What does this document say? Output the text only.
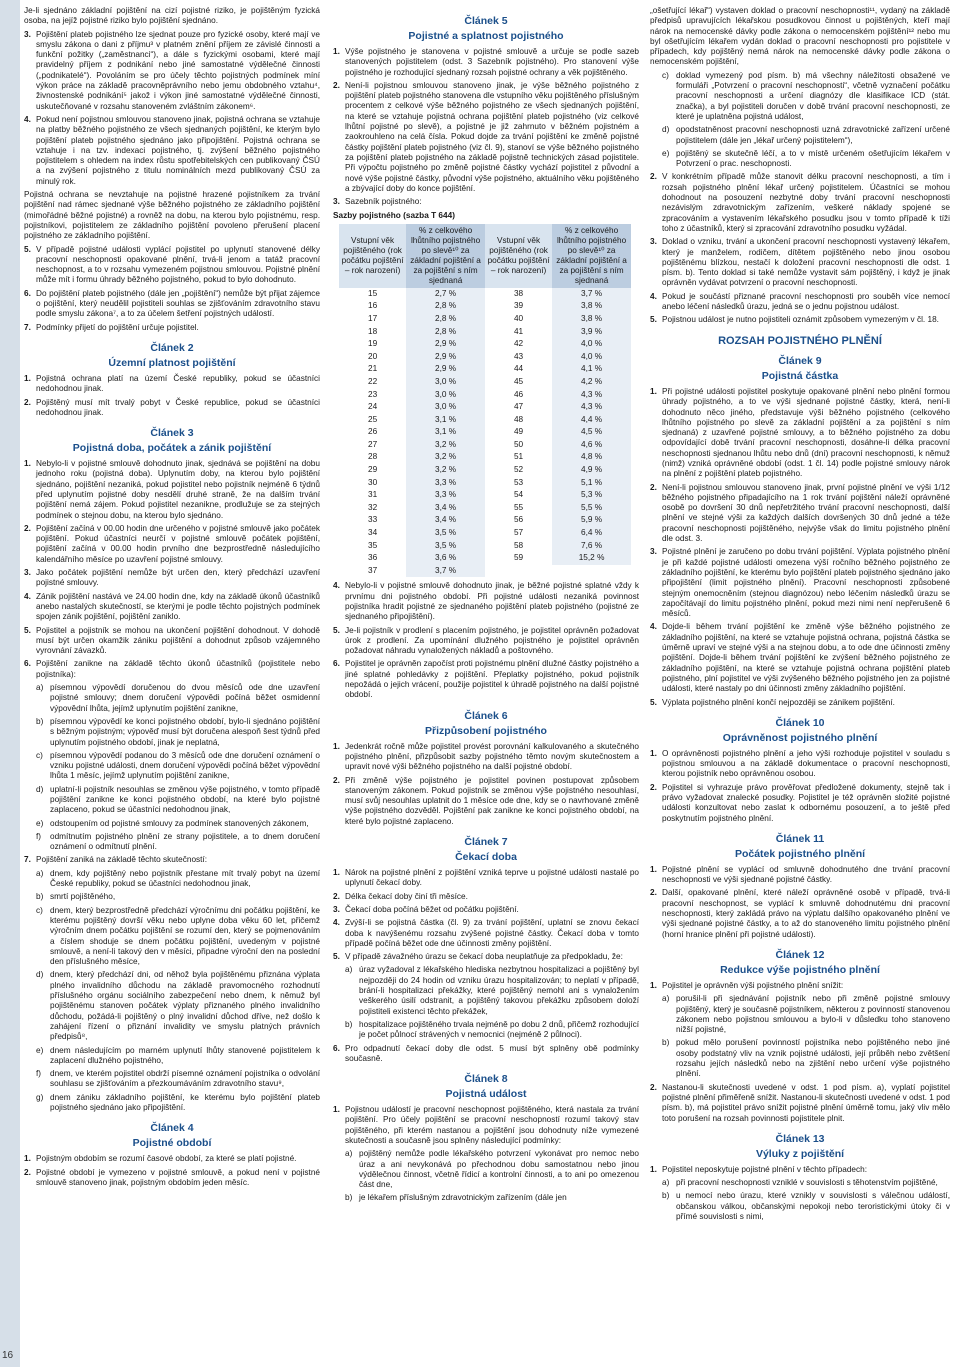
16

Je-li sjednáno základní pojištění na cizí pojistné riziko, je pojištěným fyzická osoba, na jejíž pojistné riziko bylo pojištění sjednáno.

3. Pojištění plateb pojistného lze sjednat pouze pro fyzické osoby, které mají ve smyslu zákona o dani z příjmu³ v platném znění příjem ze závislé činnosti a funkční požitky („zaměstnanci“), a dále s fyzickými osobami, které mají pravidelný příjem z podnikání nebo jiné samostatné výdělečné činnosti („podnikatelé“). Povoláním se pro účely těchto pojistných podmínek míní výkon práce na základě pracovněprávního nebo jemu obdobného vztahu⁴, živnostenské podnikání⁵ jakož i výkon jiné samostatné výdělečné činnosti, uskutečňované v rozsahu stanoveném zvláštním zákonem⁶.

4. Pokud není pojistnou smlouvou stanoveno jinak, pojistná ochrana se vztahuje na platby běžného pojistného ze všech sjednaných pojištění, ke kterým bylo pojištění plateb pojistného sjednáno jako připojištění. Pojistná ochrana se vztahuje i na tzv. indexaci pojistného, tj. zvýšení běžného pojistného pojistitelem s ohledem na index růstu spotřebitelských cen publikovaný ČSÚ a na zvýšení pojistného z titulu nominálních mezd publikovaný ČSÚ za minulý rok.

Pojistná ochrana se nevztahuje na pojistné hrazené pojistníkem za trvání pojištění nad rámec sjednané výše běžného pojistného ze základního pojištění (mimořádné běžné pojistné) a rovněž na dobu, na kterou bylo pojistnému, resp. pojistníkovi, pojistitelem ze základního pojištění povoleno přerušení placení pojistného ze základního pojištění.

5. V případě pojistné události vyplácí pojistitel po uplynutí stanovené délky pracovní neschopnosti opakované plnění, trvá-li jenom a tatáž pracovní neschopnost, a to v rozsahu vymezeném pojistnou smlouvou. Pojistné plnění může mít i formu úhrady běžného pojistného, pokud to bylo dohodnuto.

6. Do pojištění plateb pojistného (dále jen „pojištění“) nemůže být přijat zájemce o pojištění, který neudělil pojistiteli souhlas se zjišťováním zdravotního stavu podle smyslu zákona⁷, a to za účelem šetření pojistných událostí.

7. Podmínky přijetí do pojištění určuje pojistitel.

Článek 2

Územní platnost pojištění

1. Pojistná ochrana platí na území České republiky, pokud se účastníci nedohodnou jinak.

2. Pojištěný musí mít trvalý pobyt v České republice, pokud se účastníci nedohodnou jinak.

Článek 3

Pojistná doba, počátek a zánik pojištění

1. Nebylo-li v pojistné smlouvě dohodnuto jinak, sjednává se pojištění na dobu jednoho roku (pojistná doba). Uplynutím doby, na kterou bylo pojištění sjednáno, pojištění nezaniká, pokud pojistitel nebo pojistník nejméně 6 týdnů před uplynutím pojistné doby nesdělí druhé straně, že na dalším trvání pojištění nemá zájem. Pokud pojistitel nezanikne, prodlužuje se za stejných podmínek o stejnou dobu, na kterou bylo sjednáno.

2. Pojištění začíná v 00.00 hodin dne určeného v pojistné smlouvě jako počátek pojištění. Pokud účastníci neurčí v pojistné smlouvě počátek pojištění, pojištění začíná v 00.00 hodin prvního dne bezprostředně následujícího kalendářního měsíce po uzavření pojistné smlouvy.

3. Jako počátek pojištění nemůže být určen den, který předchází uzavření pojistné smlouvy.

4. Zánik pojištění nastává ve 24.00 hodin dne, kdy na základě úkonů účastníků anebo nastalých skutečností, se kterými je podle těchto pojistných podmínek spojen zánik pojištění, pojištění zaniklo.

5. Pojistitel a pojistník se mohou na ukončení pojištění dohodnout. V dohodě musí být určen okamžik zániku pojištění a dohodnut způsob vzájemného vyrovnání závazků.

6. Pojištění zanikne na základě těchto úkonů účastníků (pojistitele nebo pojistníka):

a) písemnou výpovědí doručenou do dvou měsíců ode dne uzavření pojistné smlouvy; dnem doručení výpovědi počíná běžet osmidenní výpovědní lhůta, jejímž uplynutím pojištění zanikne,

b) písemnou výpovědí ke konci pojistného období, bylo-li sjednáno pojištění s běžným pojistným; výpověď musí být doručena alespoň šest týdnů před uplynutím pojistného období, jinak je neplatná,

c) písemnou výpovědí podanou do 3 měsíců ode dne doručení oznámení o vzniku pojistné události, dnem doručení výpovědi počíná běžet výpovědní lhůta 1 měsíc, jejímž uplynutím pojištění zanikne,

d) uplatní-li pojistník nesouhlas se změnou výše pojistného, v tomto případě pojištění zanikne ke konci pojistného období, na které bylo pojistné zaplaceno, pokud se účastníci nedohodnou jinak,

e) odstoupením od pojistné smlouvy za podmínek stanovených zákonem,

f) odmítnutím pojistného plnění ze strany pojistitele, a to dnem doručení oznámení o odmítnutí plnění.

7. Pojištění zaniká na základě těchto skutečností:

a) dnem, kdy pojištěný nebo pojistník přestane mít trvalý pobyt na území České republiky, pokud se účastníci nedohodnou jinak,

b) smrtí pojištěného,

c) dnem, který bezprostředně předchází výročnímu dni počátku pojištění, ke kterému pojištěný dovrší věku nebo uplyne doba věku 60 let, přičemž výročním dnem počátku pojištění se rozumí den, který se pojmenováním a číslem shoduje se dnem počátku pojištění, uvedeným v pojistné smlouvě, a není-li takový den v měsíci, připadne výroční den na poslední den příslušného měsíce,

d) dnem, který předchází dni, od něhož byla pojištěnému přiznána výplata plného invalidního důchodu na základě pravomocného rozhodnutí příslušného orgánu sociálního zabezpečení nebo dnem, k němuž byl pojištěnému stanoven počátek výplaty přiznaného plného invalidního důchodu, požádá-li pojištěný o plný invalidní důchod dříve, než došlo k zahájení řízení o přiznání invalidity ve smyslu platných právních předpisů⁸,

e) dnem následujícím po marném uplynutí lhůty stanovené pojistitelem k zaplacení dlužného pojistného,

f) dnem, ve kterém pojistitel obdrží písemné oznámení pojistníka o odvolání souhlasu se zjišťováním a přezkoumáváním zdravotního stavu⁹,

g) dnem zániku základního pojištění, ke kterému bylo pojištění plateb pojistného sjednáno jako připojištění.

Článek 4

Pojistné období

1. Pojistným obdobím se rozumí časové období, za které se platí pojistné.

2. Pojistné období je vymezeno v pojistné smlouvě, a pokud není v pojistné smlouvě stanoveno jinak, pojistným obdobím jeden měsíc.

Článek 5

Pojistné a splatnost pojistného

1. Výše pojistného je stanovena v pojistné smlouvě a určuje se podle sazeb stanovených pojistitelem (odst. 3 Sazebník pojistného). Pro stanovení výše pojistného je rozhodující sjednaný rozsah pojistné ochrany a věk pojištěného.

2. Není-li pojistnou smlouvou stanoveno jinak, je výše běžného pojistného z pojištění plateb pojistného stanovena dle vstupního věku pojištěného příslušným procentem z celkové výše běžného pojistného ze všech sjednaných pojištění, na které se vztahuje pojistná ochrana pojištění plateb pojistného (viz celkové lhůtní pojistné po slevě), a pojistné je již zahrnuto v běžném pojistném a zaokrouhleno na celá čísla. Pokud dojde za trvání pojištění ke změně pojistné částky pojištění plateb pojistného (viz čl. 9), stanoví se výše běžného pojistného za pojištění plateb pojistného na základě pojistně technických zásad pojistitele. Při výpočtu pojistného po změně pojistné částky vychází pojistitel z původní a nové výše pojistné částky, původní výše pojistného, aktuálního věku pojištěného a zbývající doby do konce pojištění.

3. Sazebník pojistného:

Sazby pojistného (sazba T 644)

Vstupní věk pojištěného (rok počátku pojištění – rok narození)	% z celkového lhůtního pojistného po slevě¹⁰ za základní pojištění a za pojištění s ním sjednaná	Vstupní věk pojištěného (rok počátku pojištění – rok narození)	% z celkového lhůtního pojistného po slevě¹⁰ za základní pojištění a za pojištění s ním sjednaná
15	2,7 %	38	3,7 %
16	2,8 %	39	3,8 %
17	2,8 %	40	3,8 %
18	2,8 %	41	3,9 %
19	2,9 %	42	4,0 %
20	2,9 %	43	4,0 %
21	2,9 %	44	4,1 %
22	3,0 %	45	4,2 %
23	3,0 %	46	4,3 %
24	3,0 %	47	4,3 %
25	3,1 %	48	4,4 %
26	3,1 %	49	4,5 %
27	3,2 %	50	4,6 %
28	3,2 %	51	4,8 %
29	3,2 %	52	4,9 %
30	3,3 %	53	5,1 %
31	3,3 %	54	5,3 %
32	3,4 %	55	5,5 %
33	3,4 %	56	5,9 %
34	3,5 %	57	6,4 %
35	3,5 %	58	7,6 %
36	3,6 %	59	15,2 %
37	3,7 %		

4. Nebylo-li v pojistné smlouvě dohodnuto jinak, je běžné pojistné splatné vždy k prvnímu dni pojistného období. Při pojistné události nezaniká povinnost pojistníka hradit pojistné ze sjednaného pojištění plateb pojistného (pojistné ze sjednaného připojištění).

5. Je-li pojistník v prodlení s placením pojistného, je pojistitel oprávněn požadovat úrok z prodlení. Za upomínání dlužného pojistného je pojistitel oprávněn požadovat náhradu vynaložených nákladů a poštovného.

6. Pojistitel je oprávněn započíst proti pojistnému plnění dlužné částky pojistného a jiné splatné pohledávky z pojištění. Přeplatky pojistného, pokud pojistník nepožádá o jejich vrácení, použije pojistitel k úhradě pojistného na další pojistné období.

Článek 6

Přizpůsobení pojistného

1. Jedenkrát ročně může pojistitel provést porovnání kalkulovaného a skutečného pojistného plnění, přizpůsobit sazby pojistného těmto novým skutečnostem a upravit nové výši běžného pojistného na další pojistné období.

2. Při změně výše pojistného je pojistitel povinen postupovat způsobem stanoveným zákonem. Pokud pojistník se změnou výše pojistného nesouhlasí, musí svůj nesouhlas uplatnit do 1 měsíce ode dne, kdy se o navrhované změně výše pojistného dozvěděl. Pojištění pak zanikne ke konci pojistného období, na které bylo pojistné zaplaceno.

Článek 7

Čekací doba

1. Nárok na pojistné plnění z pojištění vzniká teprve u pojistné události nastalé po uplynutí čekací doby.

2. Délka čekací doby činí tři měsíce.

3. Čekací doba počíná běžet od počátku pojištění.

4. Zvýší-li se pojistná částka (čl. 9) za trvání pojištění, uplatní se znovu čekací doba k navýšenému rozsahu zvýšené pojistné částky. Čekací doba v tomto případě počíná běžet ode dne účinnosti změny pojištění.

5. V případě závažného úrazu se čekací doba neuplatňuje za předpokladu, že:

a) úraz vyžadoval z lékařského hlediska nezbytnou hospitalizaci a pojištěný byl nejpozději do 24 hodin od vzniku úrazu hospitalizován; to neplatí v případě, brání-li hospitalizaci překážky, které pojištěný nemohl ani s vynaložením veškerého úsilí odstranit, a pojištěný takovou překážku způsobem doloží pojistiteli existenci těchto překážek,

b) hospitalizace pojištěného trvala nejméně po dobu 2 dnů, přičemž rozhodující je počet půlnocí strávených v nemocnici (nejméně 2 půlnoci).

6. Pro odpadnutí čekací doby dle odst. 5 musí být splněny obě podmínky současně.

Článek 8

Pojistná událost

1. Pojistnou událostí je pracovní neschopnost pojištěného, která nastala za trvání pojištění. Pro účely pojištění se pracovní neschopností rozumí takový stav pojištěného, při kterém nastanou a pojištění jsou dohodnuty níže vymezené skutečnosti a současně jsou splněny následující podmínky:

a) pojištěný nemůže podle lékařského potvrzení vykonávat pro nemoc nebo úraz a ani nevykonává po přechodnou dobu samostatnou nebo jinou výdělečnou činnost, včetně řídicí a kontrolní činnosti, a to ani po omezenou část dne,

b) je lékařem příslušným zdravotnickým zařízením (dále jen

„ošetřující lékař“) vystaven doklad o pracovní neschopnosti¹¹, vydaný na základě předpisů upravujících lékařskou posudkovou činnost u pojištěných, kteří mají nárok na nemocenské dávky podle zákona o nemocenském pojištění¹² nebo mu byl ošetřujícím lékařem vydán doklad o pracovní neschopnosti pro pojistitele v případech, kdy pojištěný nemá nárok na nemocenské dávky podle zákona o nemocenském pojištění,

c) doklad vymezený pod písm. b) má všechny náležitosti obsažené ve formuláři „Potvrzení o pracovní neschopnosti“, včetně vyznačení počátku pracovní neschopnosti a určení diagnózy dle klasifikace ICD (stát. značka), a byl pojistiteli doručen v době trvání pracovní neschopnosti, ze které je uplatněna pojistná událost,

d) opodstatněnost pracovní neschopnosti uzná zdravotnické zařízení určené pojistitelem (dále jen „lékař určený pojistitelem“),

e) pojištěný se skutečně léčí, a to v místě určeném ošetřujícím lékařem v Potvrzení o prac. neschopnosti.

2. V konkrétním případě může stanovit délku pracovní neschopnosti, a tím i rozsah pojistného plnění lékař určený pojistitelem. Účastníci se mohou dohodnout na posouzení nezbytné doby trvání pracovní neschopnosti nezávislým zdravotnickým zařízením, veškeré náklady spojené se zpracováním a vystavením lékařského posudku jsou v tomto případě k tíži toho z účastníků, který si zpracování zdravotního posudku vyžádal.

3. Doklad o vzniku, trvání a ukončení pracovní neschopnosti vystavený lékařem, který je manželem, rodičem, dítětem pojištěného nebo jinou osobou pojištěnému blízkou, nestačí k doložení pracovní neschopnosti dle odst. 1 písm. b). Tento doklad si také nemůže vystavit sám pojištěný, i když je jinak oprávněn vydávat potvrzení o pracovní neschopnosti.

4. Pokud je součástí přiznané pracovní neschopnosti pro souběh více nemocí anebo léčení následků úrazu, jedná se o jednu pojistnou událost.

5. Pojistnou událost je nutno pojistiteli oznámit způsobem vymezeným v čl. 18.

ROZSAH POJISTNÉHO PLNĚNÍ

Článek 9

Pojistná částka

1. Při pojistné události pojistitel poskytuje opakované plnění nebo plnění formou úhrady pojistného, a to ve výši sjednané pojistné částky, která, není-li dohodnuto něco jiného, představuje výši běžného pojistného (celkového lhůtního pojistného po slevě za základní pojištění a za pojištění s ním sjednaná) z uzavřené pojistné smlouvy, a to běžného pojistného za dobu odpovídající době trvání pracovní neschopnosti, dosáhne-li délka pracovní neschopnosti sjednanou lhůtu nebo dnů (dní) pracovní neschopnosti, k němuž (nimž) vzniká oprávněné období (odst. 1 čl. 14) podle pojistné smlouvy nárok na plnění z pojištění plateb pojistného.

2. Není-li pojistnou smlouvou stanoveno jinak, první pojistné plnění ve výši 1/12 běžného pojistného připadajícího na 1 rok trvání pojištění náleží oprávněné osobě po dovršení 30 dnů nepřetržitého trvání pracovní neschopnosti, další plnění ve stejné výši za každých dalších dovršených 30 dnů jedné a téže pracovní neschopnosti pojištěného, nejvýše však do limitu pojistného plnění dle odst. 3.

3. Pojistné plnění je zaručeno po dobu trvání pojištění. Výplata pojistného plnění je při každé pojistné události omezena výší ročního běžného pojistného ze základního pojištění, ke kterému bylo pojištění plateb pojistného sjednáno jako připojištění (limit pojistného plnění). Pracovní neschopnosti způsobené stejným onemocněním (stejnou diagnózou) nebo léčením následků úrazu se započítávají do limitu pojistného plnění, pokud mezi nimi není nepřerušeně 6 měsíců.

4. Dojde-li během trvání pojištění ke změně výše běžného pojistného ze základního pojištění, na které se vztahuje pojistná ochrana, pojistná částka se úměrně upraví ve stejné výši a na stejnou dobu, a to ode dne účinnosti změny pojištění. Dojde-li během trvání pojištění ke zvýšení běžného pojistného ze základního pojištění, na které se vztahuje pojistná ochrana pojištění plateb pojistného, plní pojistitel ve výši zvýšeného běžného pojistného jen za pojistné události, které nastaly po dni účinnosti změny základního pojištění.

5. Výplata pojistného plnění končí nejpozději se zánikem pojištění.

Článek 10

Oprávněnost pojistného plnění

1. O oprávněnosti pojistného plnění a jeho výši rozhoduje pojistitel v souladu s pojistnou smlouvou a na základě dokumentace o pracovní neschopnosti, kterou pojistník nebo oprávněnou osobou.

2. Pojistitel si vyhrazuje právo prověřovat předložené dokumenty, stejně tak i právo vyžadovat znalecké posudky. Pojistitel je též oprávněn složité pojistné události konzultovat nebo zaslat k odbornému posouzení, a to ještě před poskytnutím pojistného plnění.

Článek 11

Počátek pojistného plnění

1. Pojistné plnění se vyplácí od smluvně dohodnutého dne trvání pracovní neschopnosti ve výši sjednané pojistné částky.

2. Další, opakované plnění, které náleží oprávněné osobě v případě, trvá-li pracovní neschopnost, se vyplácí k smluvně dohodnutému dni pracovní neschopnosti, který zakládá právo na výplatu dalšího opakovaného plnění ve výši sjednané pojistné částky, a to až do stanoveného limitu pojistného plnění (horní hranice plnění při pojistné události).

Článek 12

Redukce výše pojistného plnění

1. Pojistitel je oprávněn výši pojistného plnění snížit:

a) porušil-li při sjednávání pojistník nebo při změně pojistné smlouvy pojištěný, který je současně pojistníkem, některou z povinností stanovenou zákonem nebo pojistnou smlouvou a bylo-li v důsledku toho stanoveno nižší pojistné,

b) pokud mělo porušení povinností pojistníka nebo pojištěného nebo jiné osoby podstatný vliv na vznik pojistné události, její průběh nebo zvětšení rozsahu jejích následků nebo na zjištění nebo určení výše pojistného plnění.

2. Nastanou-li skutečnosti uvedené v odst. 1 pod písm. a), vyplatí pojistitel pojistné plnění přiměřeně snížit. Nastanou-li skutečnosti uvedené v odst. 1 pod písm. b), má pojistitel právo snížit pojistné plnění úměrně tomu, jaký vliv mělo toto porušení na rozsah povinnosti pojistitele plnit.

Článek 13

Výluky z pojištění

1. Pojistitel neposkytuje pojistné plnění v těchto případech:

a) při pracovní neschopnosti vzniklé v souvislosti s těhotenstvím pojištěné,

b) u nemocí nebo úrazu, které vznikly v souvislosti s válečnou událostí, občanskou válkou, občanskými nepokoji nebo teroristickými útoky či v přímé souvislosti s nimi,
